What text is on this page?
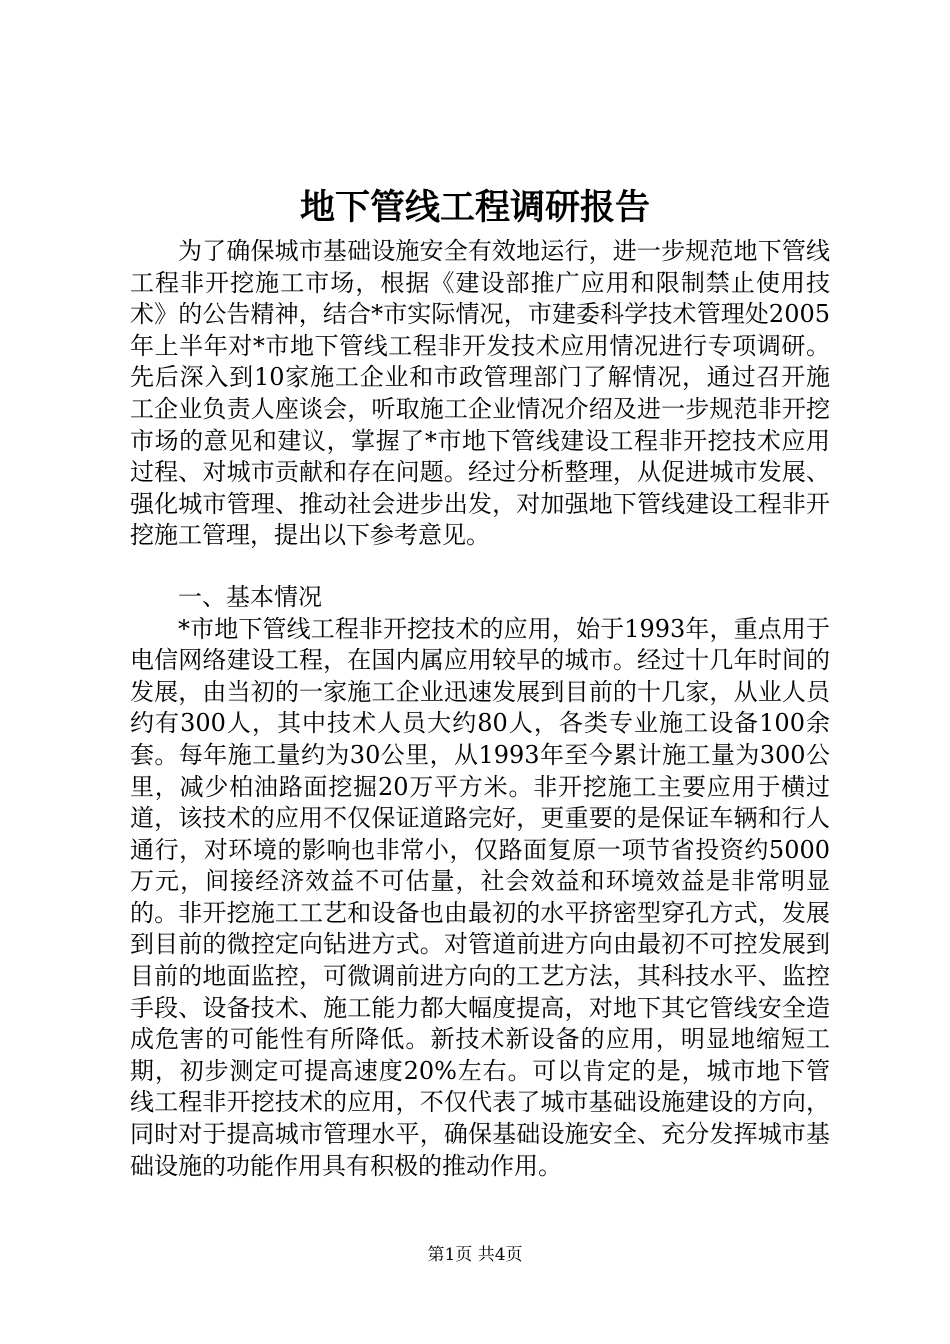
地下管线工程调研报告

为了确保城市基础设施安全有效地运行，进一步规范地下管线工程非开挖施工市场，根据《建设部推广应用和限制禁止使用技术》的公告精神，结合*市实际情况，市建委科学技术管理处2005年上半年对*市地下管线工程非开发技术应用情况进行专项调研。先后深入到10家施工企业和市政管理部门了解情况，通过召开施工企业负责人座谈会，听取施工企业情况介绍及进一步规范非开挖市场的意见和建议，掌握了*市地下管线建设工程非开挖技术应用过程、对城市贡献和存在问题。经过分析整理，从促进城市发展、强化城市管理、推动社会进步出发，对加强地下管线建设工程非开挖施工管理，提出以下参考意见。

一、基本情况

*市地下管线工程非开挖技术的应用，始于1993年，重点用于电信网络建设工程，在国内属应用较早的城市。经过十几年时间的发展，由当初的一家施工企业迅速发展到目前的十几家，从业人员约有300人，其中技术人员大约80人，各类专业施工设备100余套。每年施工量约为30公里，从1993年至今累计施工量为300公里，减少柏油路面挖掘20万平方米。非开挖施工主要应用于横过道，该技术的应用不仅保证道路完好，更重要的是保证车辆和行人通行，对环境的影响也非常小，仅路面复原一项节省投资约5000万元，间接经济效益不可估量，社会效益和环境效益是非常明显的。非开挖施工工艺和设备也由最初的水平挤密型穿孔方式，发展到目前的微控定向钻进方式。对管道前进方向由最初不可控发展到目前的地面监控，可微调前进方向的工艺方法，其科技水平、监控手段、设备技术、施工能力都大幅度提高，对地下其它管线安全造成危害的可能性有所降低。新技术新设备的应用，明显地缩短工期，初步测定可提高速度20%左右。可以肯定的是，城市地下管线工程非开挖技术的应用，不仅代表了城市基础设施建设的方向，同时对于提高城市管理水平，确保基础设施安全、充分发挥城市基础设施的功能作用具有积极的推动作用。

第1页 共4页
